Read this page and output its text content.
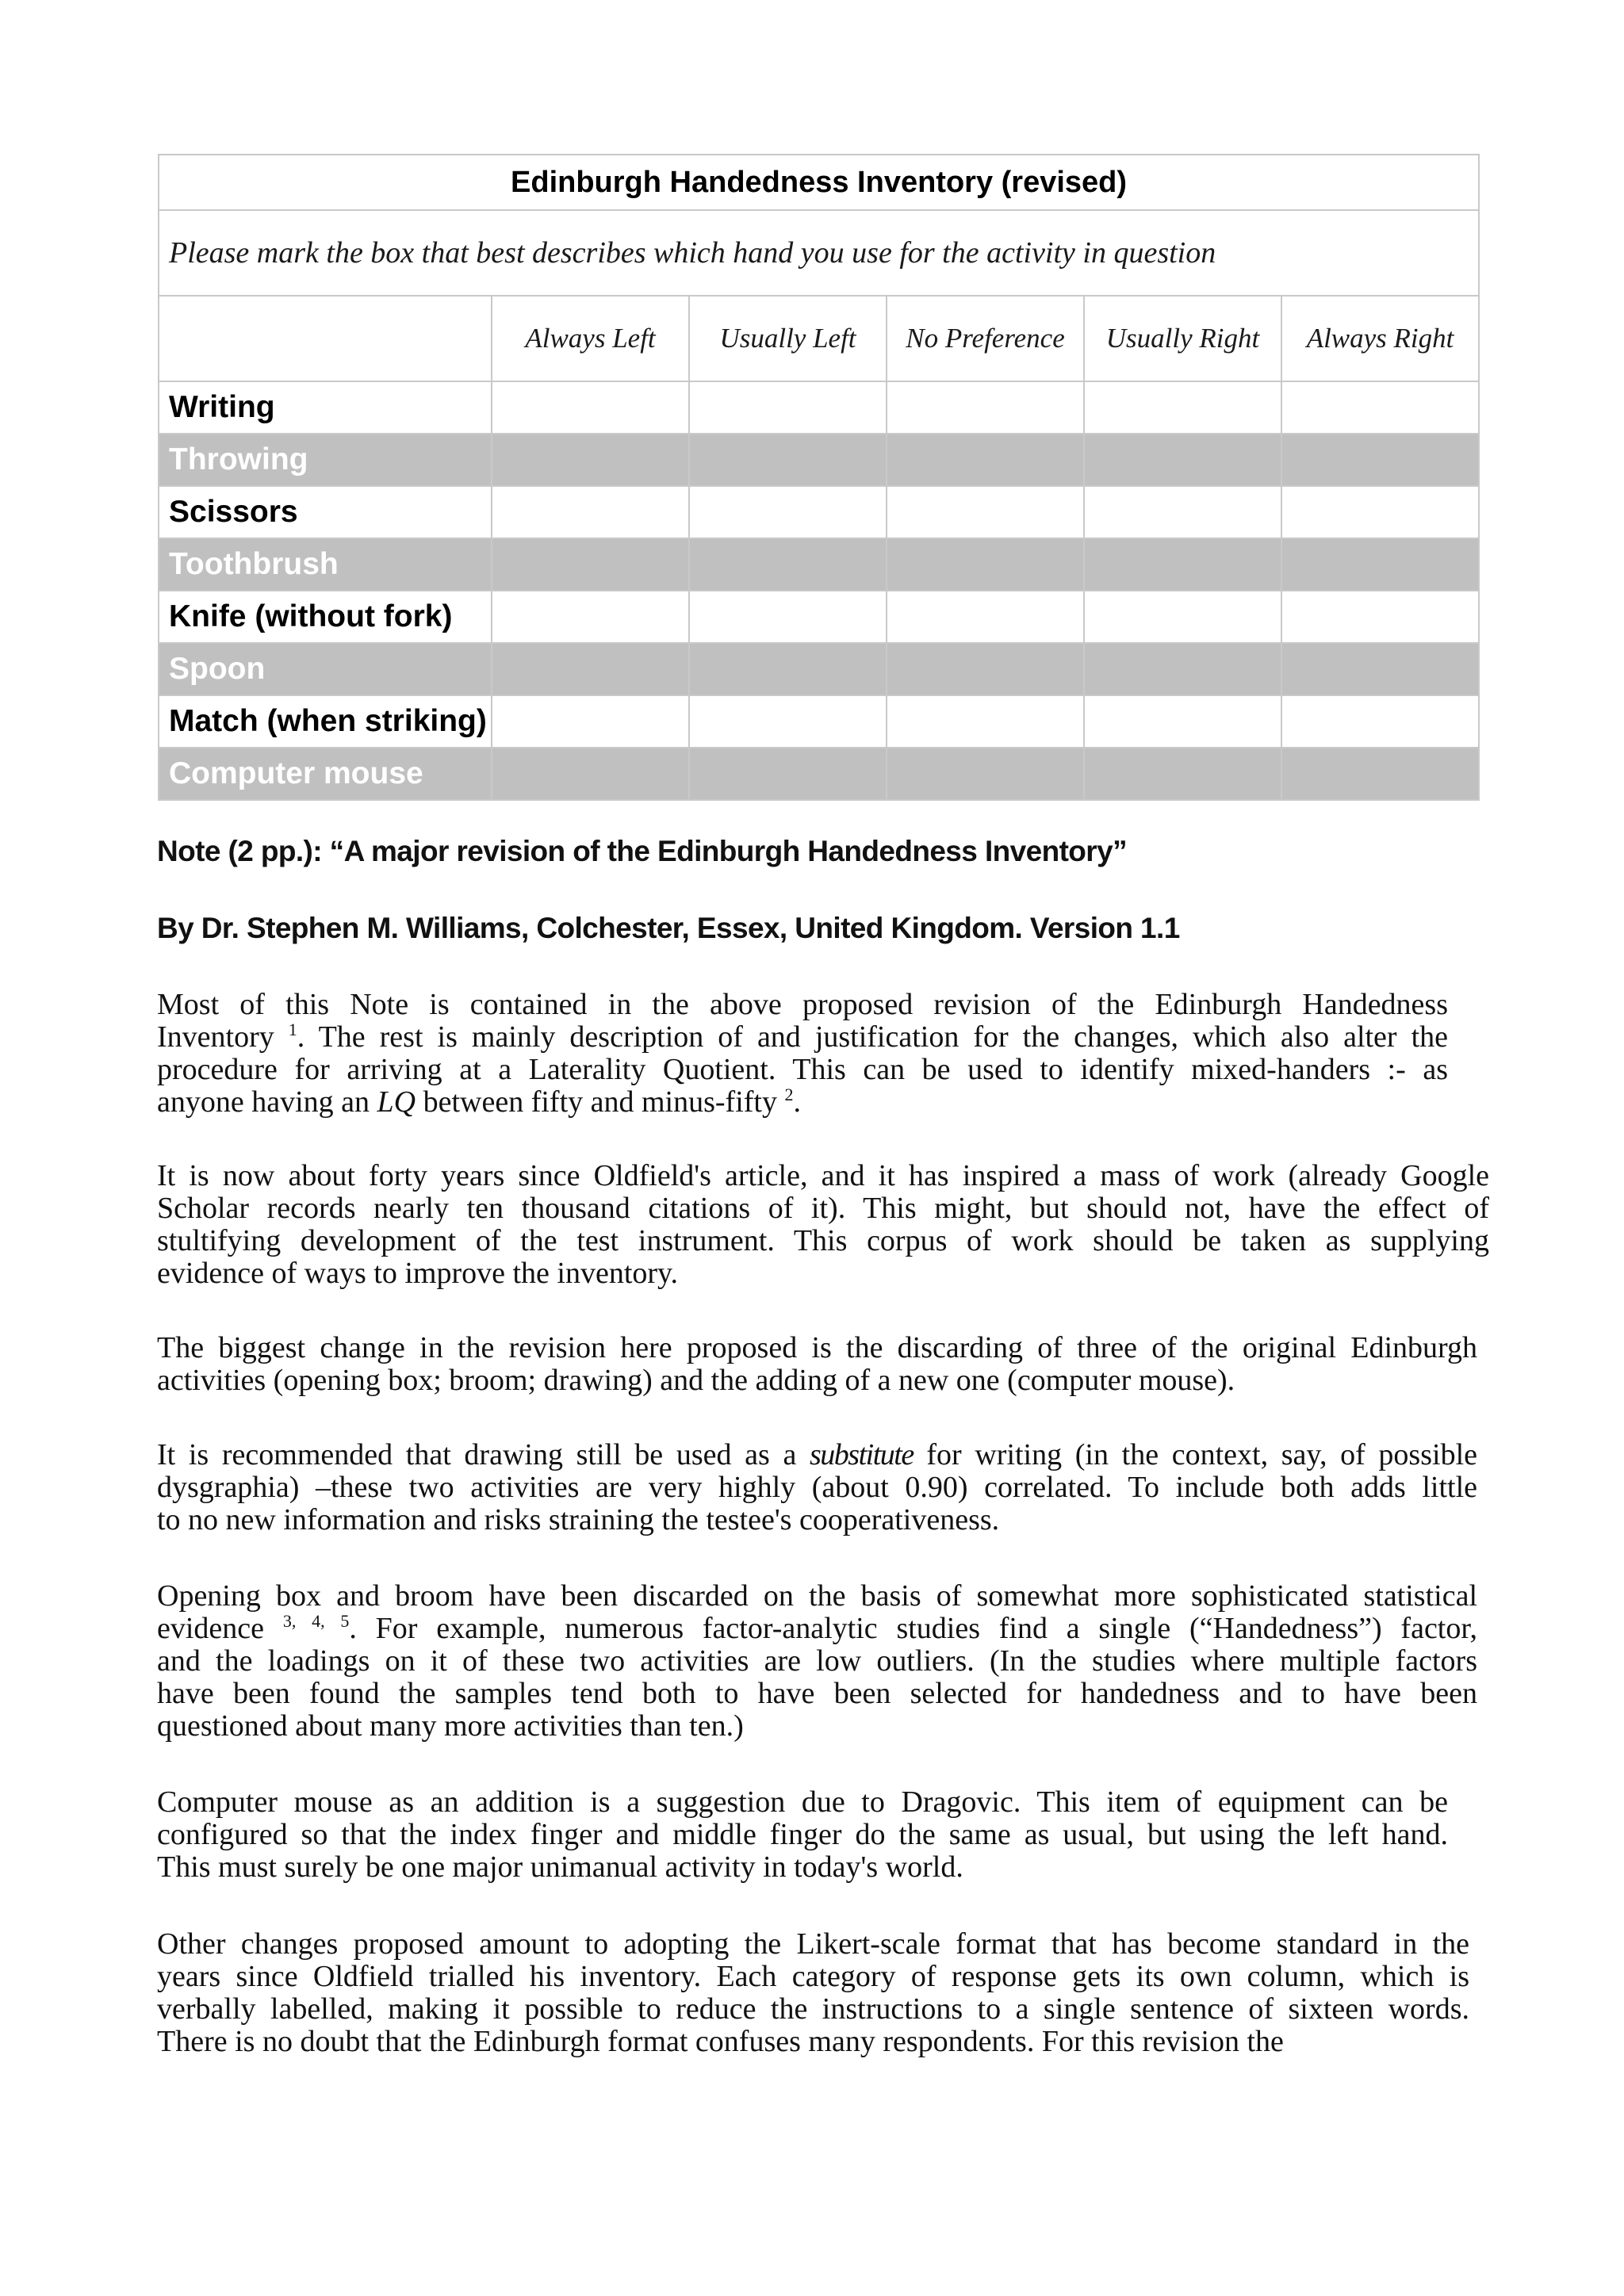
Edinburgh Handedness Inventory (revised)					
Please mark the box that best describes which hand you use for the activity in question					
	Always Left	Usually Left	No Preference	Usually Right	Always Right
Writing					
Throwing					
Scissors					
Toothbrush					
Knife (without fork)					
Spoon					
Match (when striking)					
Computer mouse					
Note (2 pp.): “A major revision of the Edinburgh Handedness Inventory”
By Dr. Stephen M. Williams, Colchester, Essex, United Kingdom. Version 1.1

Most of this Note is contained in the above proposed revision of the Edinburgh Handedness
Inventory $^1$. The rest is mainly description of and justification for the changes, which also alter the
procedure for arriving at a Laterality Quotient. This can be used to identify mixed-handers :- as
anyone having an LQ between fifty and minus-fifty $^2$.

It is now about forty years since Oldfield's article, and it has inspired a mass of work (already Google
Scholar records nearly ten thousand citations of it). This might, but should not, have the effect of
stultifying development of the test instrument. This corpus of work should be taken as supplying
evidence of ways to improve the inventory.

The biggest change in the revision here proposed is the discarding of three of the original Edinburgh
activities (opening box; broom; drawing) and the adding of a new one (computer mouse).

It is recommended that drawing still be used as a substitute for writing (in the context, say, of possible
dysgraphia) –these two activities are very highly (about 0.90) correlated. To include both adds little
to no new information and risks straining the testee's cooperativeness.

Opening box and broom have been discarded on the basis of somewhat more sophisticated statistical
evidence $^{3, 4, 5}$. For example, numerous factor-analytic studies find a single (“Handedness”) factor,
and the loadings on it of these two activities are low outliers. (In the studies where multiple factors
have been found the samples tend both to have been selected for handedness and to have been
questioned about many more activities than ten.)

Computer mouse as an addition is a suggestion due to Dragovic. This item of equipment can be
configured so that the index finger and middle finger do the same as usual, but using the left hand.
This must surely be one major unimanual activity in today's world.

Other changes proposed amount to adopting the Likert-scale format that has become standard in the
years since Oldfield trialled his inventory. Each category of response gets its own column, which is
verbally labelled, making it possible to reduce the instructions to a single sentence of sixteen words.
There is no doubt that the Edinburgh format confuses many respondents. For this revision the
